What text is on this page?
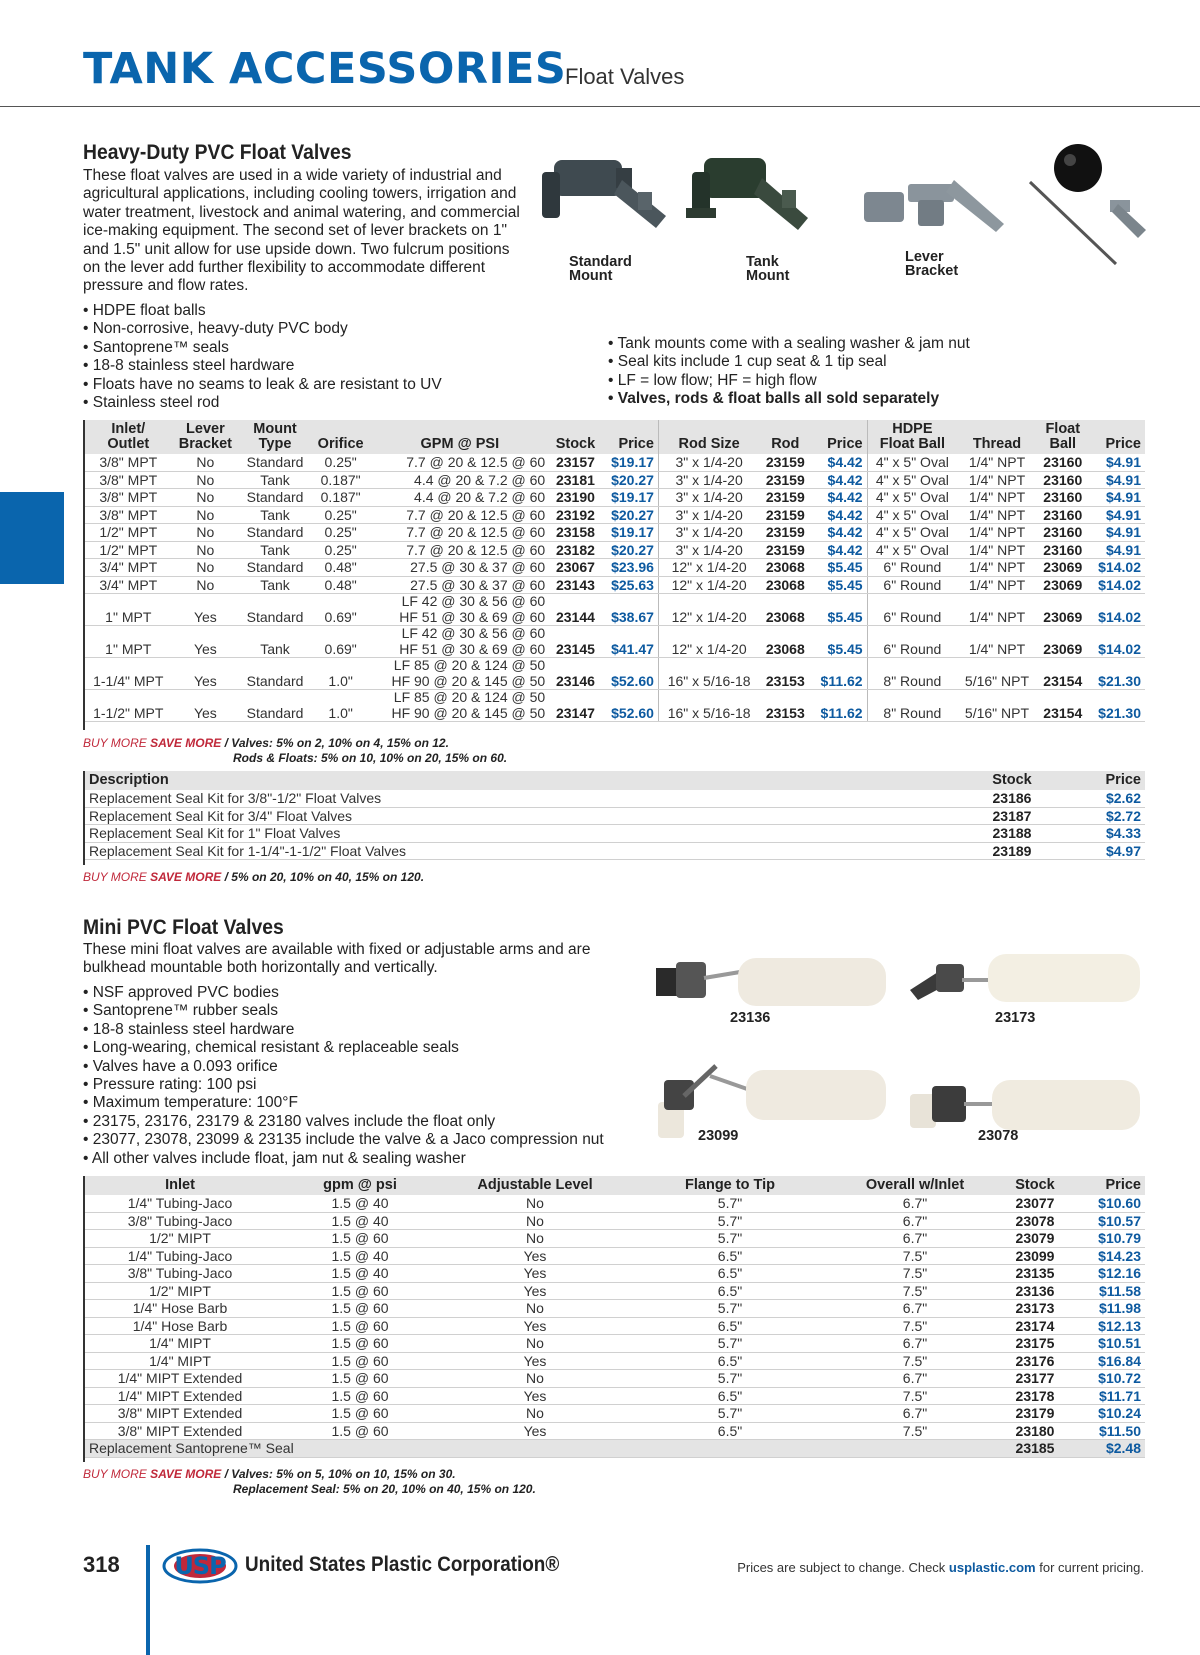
TANK ACCESSORIES
Float Valves
Heavy-Duty PVC Float Valves
These float valves are used in a wide variety of industrial and agricultural applications, including cooling towers, irrigation and water treatment, livestock and animal watering, and commercial ice-making equipment. The second set of lever brackets on 1" and 1.5" unit allow for use upside down. Two fulcrum positions on the lever add further flexibility to accommodate different pressure and flow rates.
• HDPE float balls
• Non-corrosive, heavy-duty PVC body
• Santoprene™ seals
• 18-8 stainless steel hardware
• Floats have no seams to leak & are resistant to UV
• Stainless steel rod
• Tank mounts come with a sealing washer & jam nut
• Seal kits include 1 cup seat & 1 tip seal
• LF = low flow; HF = high flow
• Valves, rods & float balls all sold separately
Standard Mount
Tank Mount
Lever Bracket
Inlet/
Outlet	Lever
Bracket	Mount
Type	Orifice	GPM @ PSI	Stock	Price	Rod Size	Rod	Price	HDPE
Float Ball	Thread	Float
Ball	Price
3/8" MPT	No	Standard	0.25"	7.7 @ 20 & 12.5 @ 60	23157	$19.17	3" x 1/4-20	23159	$4.42	4" x 5" Oval	1/4" NPT	23160	$4.91
3/8" MPT	No	Tank	0.187"	4.4 @ 20 & 7.2 @ 60	23181	$20.27	3" x 1/4-20	23159	$4.42	4" x 5" Oval	1/4" NPT	23160	$4.91
3/8" MPT	No	Standard	0.187"	4.4 @ 20 & 7.2 @ 60	23190	$19.17	3" x 1/4-20	23159	$4.42	4" x 5" Oval	1/4" NPT	23160	$4.91
3/8" MPT	No	Tank	0.25"	7.7 @ 20 & 12.5 @ 60	23192	$20.27	3" x 1/4-20	23159	$4.42	4" x 5" Oval	1/4" NPT	23160	$4.91
1/2" MPT	No	Standard	0.25"	7.7 @ 20 & 12.5 @ 60	23158	$19.17	3" x 1/4-20	23159	$4.42	4" x 5" Oval	1/4" NPT	23160	$4.91
1/2" MPT	No	Tank	0.25"	7.7 @ 20 & 12.5 @ 60	23182	$20.27	3" x 1/4-20	23159	$4.42	4" x 5" Oval	1/4" NPT	23160	$4.91
3/4" MPT	No	Standard	0.48"	27.5 @ 30 & 37 @ 60	23067	$23.96	12" x 1/4-20	23068	$5.45	6" Round	1/4" NPT	23069	$14.02
3/4" MPT	No	Tank	0.48"	27.5 @ 30 & 37 @ 60	23143	$25.63	12" x 1/4-20	23068	$5.45	6" Round	1/4" NPT	23069	$14.02
1" MPT	Yes	Standard	0.69"	LF 42 @ 30 & 56 @ 60
HF 51 @ 30 & 69 @ 60	23144	$38.67	12" x 1/4-20	23068	$5.45	6" Round	1/4" NPT	23069	$14.02
1" MPT	Yes	Tank	0.69"	LF 42 @ 30 & 56 @ 60
HF 51 @ 30 & 69 @ 60	23145	$41.47	12" x 1/4-20	23068	$5.45	6" Round	1/4" NPT	23069	$14.02
1-1/4" MPT	Yes	Standard	1.0"	LF 85 @ 20 & 124 @ 50
HF 90 @ 20 & 145 @ 50	23146	$52.60	16" x 5/16-18	23153	$11.62	8" Round	5/16" NPT	23154	$21.30
1-1/2" MPT	Yes	Standard	1.0"	LF 85 @ 20 & 124 @ 50
HF 90 @ 20 & 145 @ 50	23147	$52.60	16" x 5/16-18	23153	$11.62	8" Round	5/16" NPT	23154	$21.30
BUY MORE SAVE MORE / Valves: 5% on 2, 10% on 4, 15% on 12.
Rods & Floats: 5% on 10, 10% on 20, 15% on 60.
Description	Stock	Price
Replacement Seal Kit for 3/8"-1/2" Float Valves	23186	$2.62
Replacement Seal Kit for 3/4" Float Valves	23187	$2.72
Replacement Seal Kit for 1" Float Valves	23188	$4.33
Replacement Seal Kit for 1-1/4"-1-1/2" Float Valves	23189	$4.97
BUY MORE SAVE MORE / 5% on 20, 10% on 40, 15% on 120.
Mini PVC Float Valves
These mini float valves are available with fixed or adjustable arms and are bulkhead mountable both horizontally and vertically.
• NSF approved PVC bodies
• Santoprene™ rubber seals
• 18-8 stainless steel hardware
• Long-wearing, chemical resistant & replaceable seals
• Valves have a 0.093 orifice
• Pressure rating: 100 psi
• Maximum temperature: 100°F
• 23175, 23176, 23179 & 23180 valves include the float only
• 23077, 23078, 23099 & 23135 include the valve & a Jaco compression nut
• All other valves include float, jam nut & sealing washer
23136	23173
23099	23078
Inlet	gpm @ psi	Adjustable Level	Flange to Tip	Overall w/Inlet	Stock	Price
1/4" Tubing-Jaco	1.5 @ 40	No	5.7"	6.7"	23077	$10.60
3/8" Tubing-Jaco	1.5 @ 40	No	5.7"	6.7"	23078	$10.57
1/2" MIPT	1.5 @ 60	No	5.7"	6.7"	23079	$10.79
1/4" Tubing-Jaco	1.5 @ 40	Yes	6.5"	7.5"	23099	$14.23
3/8" Tubing-Jaco	1.5 @ 40	Yes	6.5"	7.5"	23135	$12.16
1/2" MIPT	1.5 @ 60	Yes	6.5"	7.5"	23136	$11.58
1/4" Hose Barb	1.5 @ 60	No	5.7"	6.7"	23173	$11.98
1/4" Hose Barb	1.5 @ 60	Yes	6.5"	7.5"	23174	$12.13
1/4" MIPT	1.5 @ 60	No	5.7"	6.7"	23175	$10.51
1/4" MIPT	1.5 @ 60	Yes	6.5"	7.5"	23176	$16.84
1/4" MIPT Extended	1.5 @ 60	No	5.7"	6.7"	23177	$10.72
1/4" MIPT Extended	1.5 @ 60	Yes	6.5"	7.5"	23178	$11.71
3/8" MIPT Extended	1.5 @ 60	No	5.7"	6.7"	23179	$10.24
3/8" MIPT Extended	1.5 @ 60	Yes	6.5"	7.5"	23180	$11.50
Replacement Santoprene™ Seal					23185	$2.48
BUY MORE SAVE MORE / Valves: 5% on 5, 10% on 10, 15% on 30.
Replacement Seal: 5% on 20, 10% on 40, 15% on 120.
318	USP United States Plastic Corporation®	Prices are subject to change. Check usplastic.com for current pricing.
